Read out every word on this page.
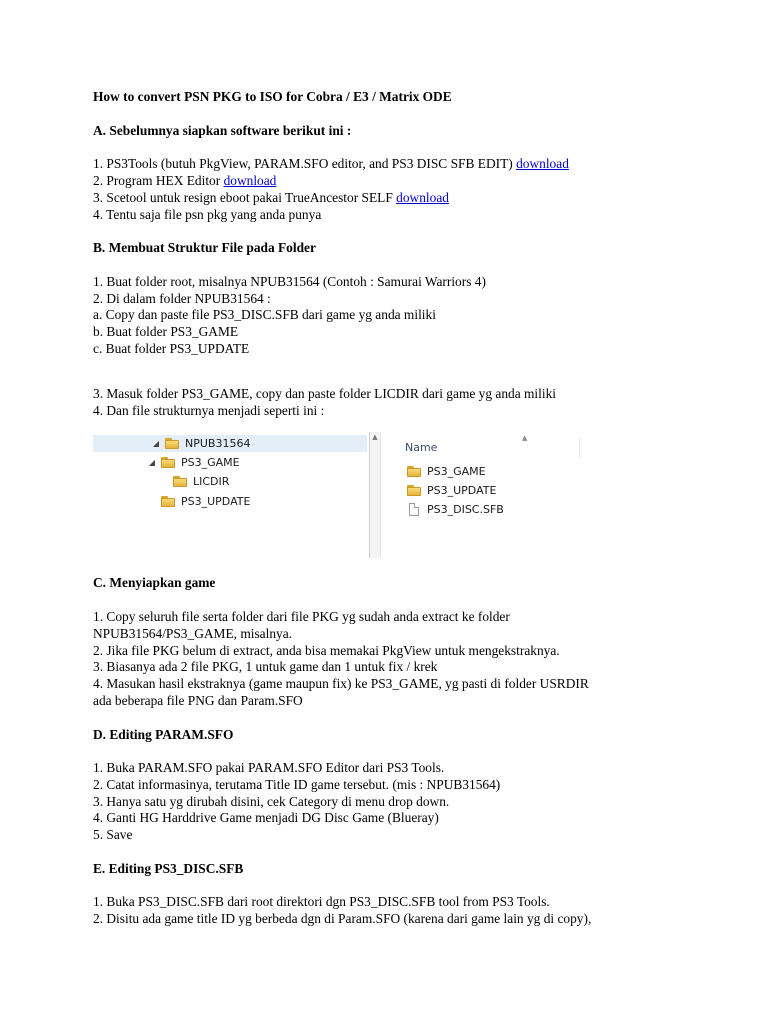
How to convert PSN PKG to ISO for Cobra / E3 / Matrix ODE

A. Sebelumnya siapkan software berikut ini :

1. PS3Tools (butuh PkgView, PARAM.SFO editor, and PS3 DISC SFB EDIT) download

2. Program HEX Editor download

3. Scetool untuk resign eboot pakai TrueAncestor SELF download

4. Tentu saja file psn pkg yang anda punya

B. Membuat Struktur File pada Folder

1. Buat folder root, misalnya NPUB31564 (Contoh : Samurai Warriors 4)

2. Di dalam folder NPUB31564 :

a. Copy dan paste file PS3_DISC.SFB dari game yg anda miliki

b. Buat folder PS3_GAME

c. Buat folder PS3_UPDATE

3. Masuk folder PS3_GAME, copy dan paste folder LICDIR dari game yg anda miliki

4. Dan file strukturnya menjadi seperti ini :

◢ NPUB31564
◢ PS3_GAME
LICDIR
PS3_UPDATE
▲
Name
▲
PS3_GAME
PS3_UPDATE
PS3_DISC.SFB

C. Menyiapkan game

1. Copy seluruh file serta folder dari file PKG yg sudah anda extract ke folder

NPUB31564/PS3_GAME, misalnya.

2. Jika file PKG belum di extract, anda bisa memakai PkgView untuk mengekstraknya.

3. Biasanya ada 2 file PKG, 1 untuk game dan 1 untuk fix / krek

4. Masukan hasil ekstraknya (game maupun fix) ke PS3_GAME, yg pasti di folder USRDIR

ada beberapa file PNG dan Param.SFO

D. Editing PARAM.SFO

1. Buka PARAM.SFO pakai PARAM.SFO Editor dari PS3 Tools.

2. Catat informasinya, terutama Title ID game tersebut. (mis : NPUB31564)

3. Hanya satu yg dirubah disini, cek Category di menu drop down.

4. Ganti HG Harddrive Game menjadi DG Disc Game (Blueray)

5. Save

E. Editing PS3_DISC.SFB

1. Buka PS3_DISC.SFB dari root direktori dgn PS3_DISC.SFB tool from PS3 Tools.

2. Disitu ada game title ID yg berbeda dgn di Param.SFO (karena dari game lain yg di copy),
